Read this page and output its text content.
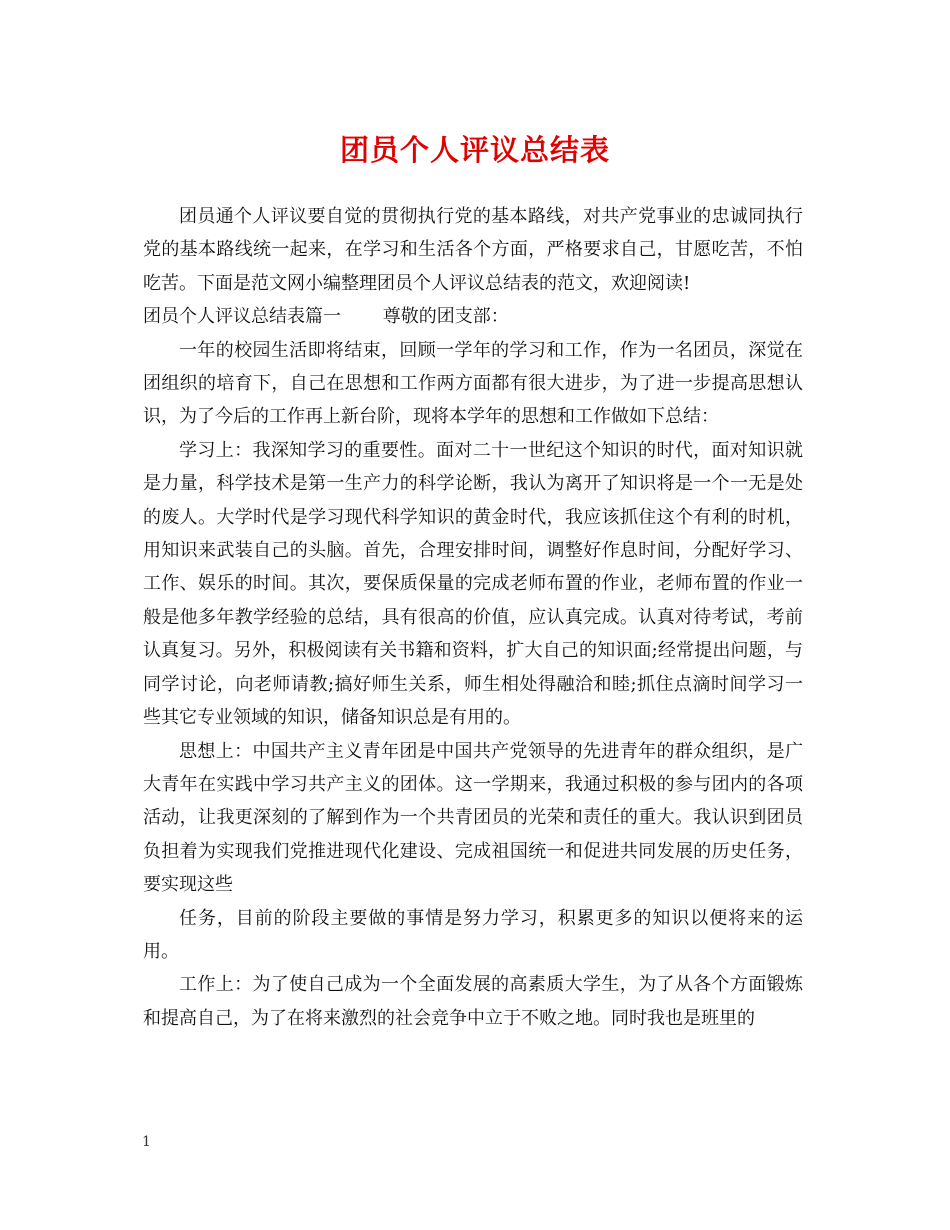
团员个人评议总结表

团员通个人评议要自觉的贯彻执行党的基本路线，对共产党事业的忠诚同执行党的基本路线统一起来，在学习和生活各个方面，严格要求自己，甘愿吃苦，不怕吃苦。下面是范文网小编整理团员个人评议总结表的范文，欢迎阅读!

团员个人评议总结表篇一　　 尊敬的团支部：

一年的校园生活即将结束，回顾一学年的学习和工作，作为一名团员，深觉在团组织的培育下，自己在思想和工作两方面都有很大进步，为了进一步提高思想认识，为了今后的工作再上新台阶，现将本学年的思想和工作做如下总结：

学习上：我深知学习的重要性。面对二十一世纪这个知识的时代，面对知识就是力量，科学技术是第一生产力的科学论断，我认为离开了知识将是一个一无是处的废人。大学时代是学习现代科学知识的黄金时代，我应该抓住这个有利的时机，用知识来武装自己的头脑。首先，合理安排时间，调整好作息时间，分配好学习、工作、娱乐的时间。其次，要保质保量的完成老师布置的作业，老师布置的作业一般是他多年教学经验的总结，具有很高的价值，应认真完成。认真对待考试，考前认真复习。另外，积极阅读有关书籍和资料，扩大自己的知识面;经常提出问题，与同学讨论，向老师请教;搞好师生关系，师生相处得融洽和睦;抓住点滴时间学习一些其它专业领域的知识，储备知识总是有用的。

思想上：中国共产主义青年团是中国共产党领导的先进青年的群众组织，是广大青年在实践中学习共产主义的团体。这一学期来，我通过积极的参与团内的各项活动，让我更深刻的了解到作为一个共青团员的光荣和责任的重大。我认识到团员负担着为实现我们党推进现代化建设、完成祖国统一和促进共同发展的历史任务，要实现这些

任务，目前的阶段主要做的事情是努力学习，积累更多的知识以便将来的运用。

工作上：为了使自己成为一个全面发展的高素质大学生，为了从各个方面锻炼和提高自己，为了在将来激烈的社会竞争中立于不败之地。同时我也是班里的

1
